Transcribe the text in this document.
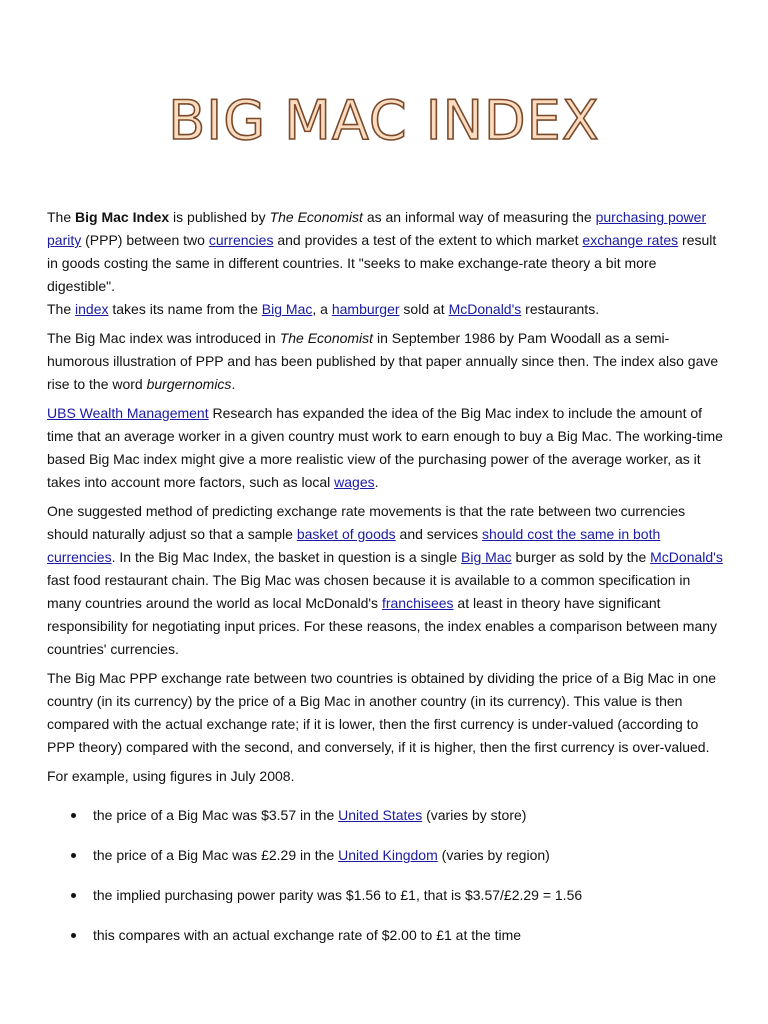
BIG MAC INDEX

The Big Mac Index is published by The Economist as an informal way of measuring the purchasing power parity (PPP) between two currencies and provides a test of the extent to which market exchange rates result in goods costing the same in different countries. It "seeks to make exchange-rate theory a bit more digestible".

The index takes its name from the Big Mac, a hamburger sold at McDonald's restaurants.

The Big Mac index was introduced in The Economist in September 1986 by Pam Woodall as a semi-humorous illustration of PPP and has been published by that paper annually since then. The index also gave rise to the word burgernomics.

UBS Wealth Management Research has expanded the idea of the Big Mac index to include the amount of time that an average worker in a given country must work to earn enough to buy a Big Mac. The working-time based Big Mac index might give a more realistic view of the purchasing power of the average worker, as it takes into account more factors, such as local wages.

One suggested method of predicting exchange rate movements is that the rate between two currencies should naturally adjust so that a sample basket of goods and services should cost the same in both currencies. In the Big Mac Index, the basket in question is a single Big Mac burger as sold by the McDonald's fast food restaurant chain. The Big Mac was chosen because it is available to a common specification in many countries around the world as local McDonald's franchisees at least in theory have significant responsibility for negotiating input prices. For these reasons, the index enables a comparison between many countries' currencies.

The Big Mac PPP exchange rate between two countries is obtained by dividing the price of a Big Mac in one country (in its currency) by the price of a Big Mac in another country (in its currency). This value is then compared with the actual exchange rate; if it is lower, then the first currency is under-valued (according to PPP theory) compared with the second, and conversely, if it is higher, then the first currency is over-valued.

For example, using figures in July 2008.

the price of a Big Mac was $3.57 in the United States (varies by store)
the price of a Big Mac was £2.29 in the United Kingdom (varies by region)
the implied purchasing power parity was $1.56 to £1, that is $3.57/£2.29 = 1.56
this compares with an actual exchange rate of $2.00 to £1 at the time
